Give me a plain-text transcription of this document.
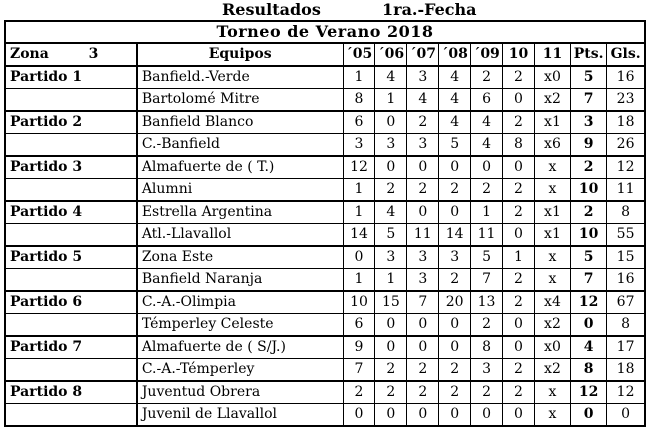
Resultados	1ra.-Fecha
Torneo de Verano 2018										
Zona 3	Equipos	´05	´06	´07	´08	´09	10	11	Pts.	Gls.
Partido 1	Banfield.-Verde	1	4	3	4	2	2	x0	5	16
	Bartolomé Mitre	8	1	4	4	6	0	x2	7	23
Partido 2	Banfield Blanco	6	0	2	4	4	2	x1	3	18
	C.-Banfield	3	3	3	5	4	8	x6	9	26
Partido 3	Almafuerte de ( T.)	12	0	0	0	0	0	x	2	12
	Alumni	1	2	2	2	2	2	x	10	11
Partido 4	Estrella Argentina	1	4	0	0	1	2	x1	2	8
	Atl.-Llavallol	14	5	11	14	11	0	x1	10	55
Partido 5	Zona Este	0	3	3	3	5	1	x	5	15
	Banfield Naranja	1	1	3	2	7	2	x	7	16
Partido 6	C.-A.-Olimpia	10	15	7	20	13	2	x4	12	67
	Témperley Celeste	6	0	0	0	2	0	x2	0	8
Partido 7	Almafuerte de ( S/J.)	9	0	0	0	8	0	x0	4	17
	C.-A.-Témperley	7	2	2	2	3	2	x2	8	18
Partido 8	Juventud Obrera	2	2	2	2	2	2	x	12	12
	Juvenil de Llavallol	0	0	0	0	0	0	x	0	0
